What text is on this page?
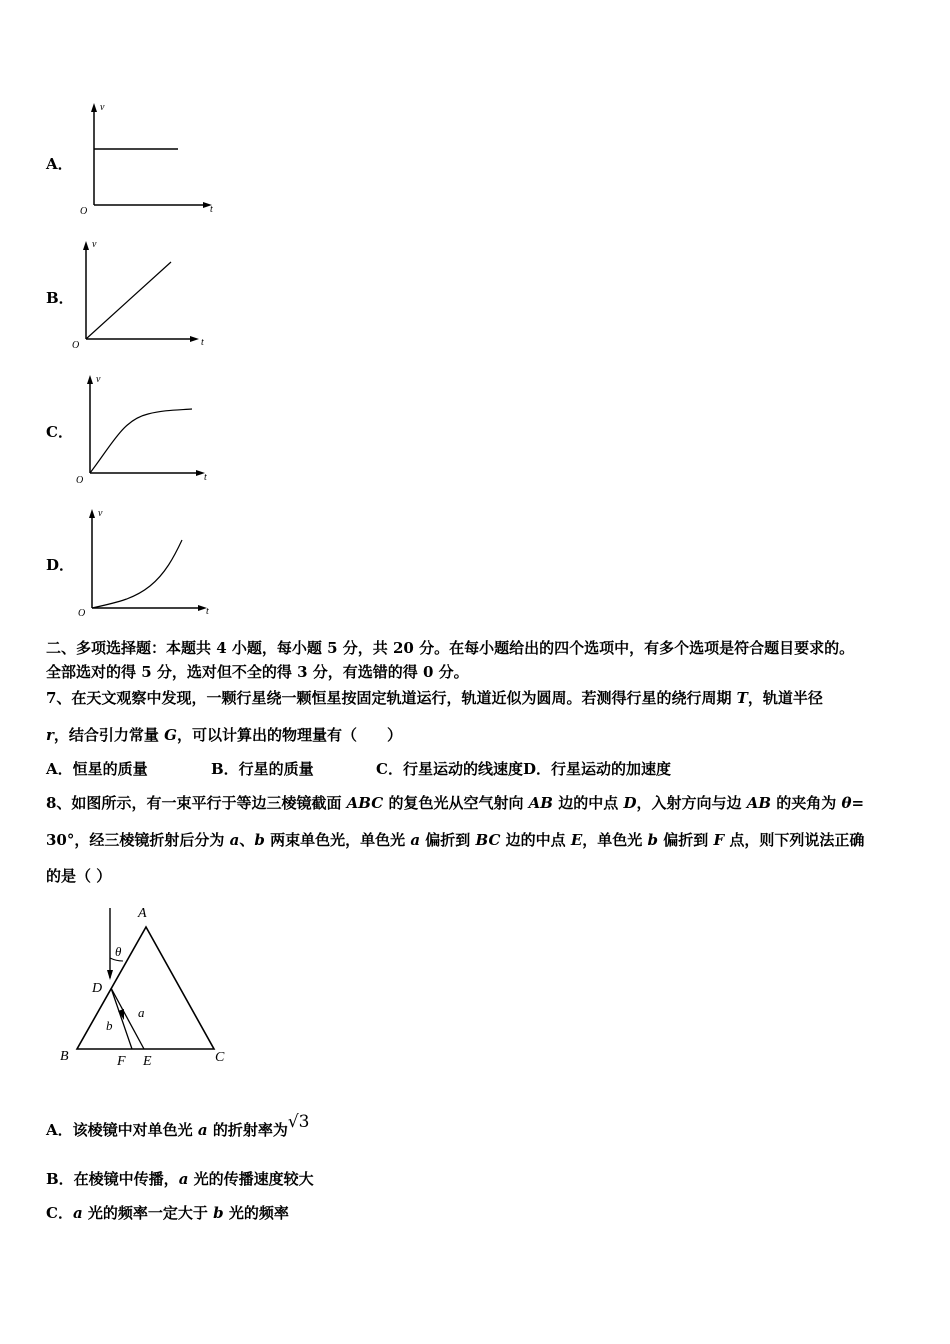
A．
v
t
O
B．
v
t
O
C．
v
t
O
D．
v
t
O
二、多项选择题：本题共 4 小题，每小题 5 分，共 20 分。在每小题给出的四个选项中，有多个选项是符合题目要求的。
全部选对的得 5 分，选对但不全的得 3 分，有选错的得 0 分。
7、在天文观察中发现，一颗行星绕一颗恒星按固定轨道运行，轨道近似为圆周。若测得行星的绕行周期 T，轨道半径
r，结合引力常量 G，可以计算出的物理量有（　　）
A．恒星的质量	B．行星的质量	C．行星运动的线速度D．行星运动的加速度
8、如图所示，有一束平行于等边三棱镜截面 ABC 的复色光从空气射向 AB 边的中点 D，入射方向与边 AB 的夹角为 θ=
30°，经三棱镜折射后分为 a、b 两束单色光，单色光 a 偏折到 BC 边的中点 E，单色光 b 偏折到 F 点，则下列说法正确
的是（ ）
A
B	C
D
E
F
θ
a
b
A．该棱镜中对单色光 a 的折射率为√3
B．在棱镜中传播，a 光的传播速度较大
C．a 光的频率一定大于 b 光的频率
